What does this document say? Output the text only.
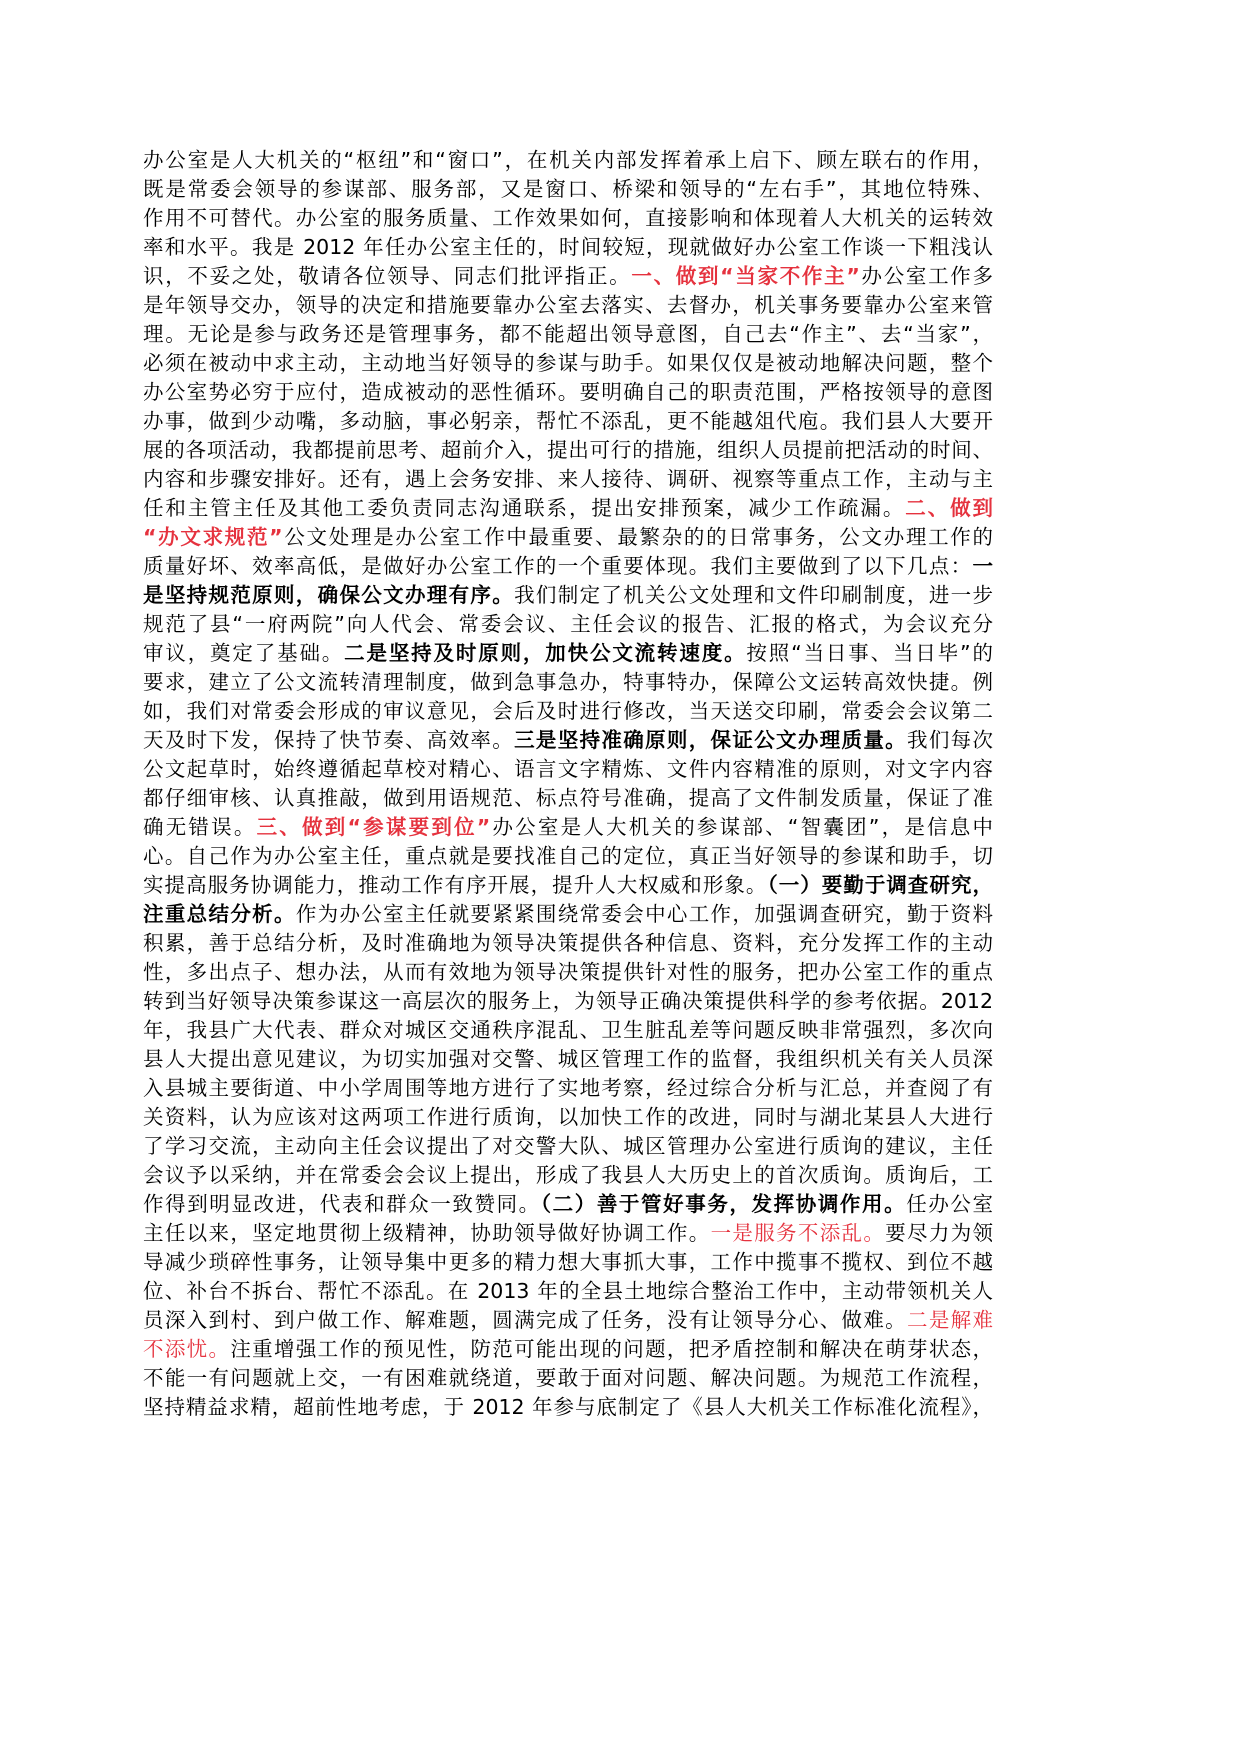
办公室是人大机关的“枢纽”和“窗口”，在机关内部发挥着承上启下、顾左联右的作用，
既是常委会领导的参谋部、服务部，又是窗口、桥梁和领导的“左右手”，其地位特殊、
作用不可替代。办公室的服务质量、工作效果如何，直接影响和体现着人大机关的运转效
率和水平。我是 2012 年任办公室主任的，时间较短，现就做好办公室工作谈一下粗浅认
识，不妥之处，敬请各位领导、同志们批评指正。一、做到“当家不作主”办公室工作多
是年领导交办，领导的决定和措施要靠办公室去落实、去督办，机关事务要靠办公室来管
理。无论是参与政务还是管理事务，都不能超出领导意图，自己去“作主”、去“当家”，
必须在被动中求主动，主动地当好领导的参谋与助手。如果仅仅是被动地解决问题，整个
办公室势必穷于应付，造成被动的恶性循环。要明确自己的职责范围，严格按领导的意图
办事，做到少动嘴，多动脑，事必躬亲，帮忙不添乱，更不能越俎代庖。我们县人大要开
展的各项活动，我都提前思考、超前介入，提出可行的措施，组织人员提前把活动的时间、
内容和步骤安排好。还有，遇上会务安排、来人接待、调研、视察等重点工作，主动与主
任和主管主任及其他工委负责同志沟通联系，提出安排预案，减少工作疏漏。二、做到
“办文求规范”公文处理是办公室工作中最重要、最繁杂的的日常事务，公文办理工作的
质量好坏、效率高低，是做好办公室工作的一个重要体现。我们主要做到了以下几点：一
是坚持规范原则，确保公文办理有序。我们制定了机关公文处理和文件印刷制度，进一步
规范了县“一府两院”向人代会、常委会议、主任会议的报告、汇报的格式，为会议充分
审议，奠定了基础。二是坚持及时原则，加快公文流转速度。按照“当日事、当日毕”的
要求，建立了公文流转清理制度，做到急事急办，特事特办，保障公文运转高效快捷。例
如，我们对常委会形成的审议意见，会后及时进行修改，当天送交印刷，常委会会议第二
天及时下发，保持了快节奏、高效率。三是坚持准确原则，保证公文办理质量。我们每次
公文起草时，始终遵循起草校对精心、语言文字精炼、文件内容精准的原则，对文字内容
都仔细审核、认真推敲，做到用语规范、标点符号准确，提高了文件制发质量，保证了准
确无错误。三、做到“参谋要到位”办公室是人大机关的参谋部、“智囊团”，是信息中
心。自己作为办公室主任，重点就是要找准自己的定位，真正当好领导的参谋和助手，切
实提高服务协调能力，推动工作有序开展，提升人大权威和形象。（一）要勤于调查研究，
注重总结分析。作为办公室主任就要紧紧围绕常委会中心工作，加强调查研究，勤于资料
积累，善于总结分析，及时准确地为领导决策提供各种信息、资料，充分发挥工作的主动
性，多出点子、想办法，从而有效地为领导决策提供针对性的服务，把办公室工作的重点
转到当好领导决策参谋这一高层次的服务上，为领导正确决策提供科学的参考依据。2012
年，我县广大代表、群众对城区交通秩序混乱、卫生脏乱差等问题反映非常强烈，多次向
县人大提出意见建议，为切实加强对交警、城区管理工作的监督，我组织机关有关人员深
入县城主要街道、中小学周围等地方进行了实地考察，经过综合分析与汇总，并查阅了有
关资料，认为应该对这两项工作进行质询，以加快工作的改进，同时与湖北某县人大进行
了学习交流，主动向主任会议提出了对交警大队、城区管理办公室进行质询的建议，主任
会议予以采纳，并在常委会会议上提出，形成了我县人大历史上的首次质询。质询后，工
作得到明显改进，代表和群众一致赞同。（二）善于管好事务，发挥协调作用。任办公室
主任以来，坚定地贯彻上级精神，协助领导做好协调工作。一是服务不添乱。要尽力为领
导减少琐碎性事务，让领导集中更多的精力想大事抓大事，工作中揽事不揽权、到位不越
位、补台不拆台、帮忙不添乱。在 2013 年的全县土地综合整治工作中，主动带领机关人
员深入到村、到户做工作、解难题，圆满完成了任务，没有让领导分心、做难。二是解难
不添忧。注重增强工作的预见性，防范可能出现的问题，把矛盾控制和解决在萌芽状态，
不能一有问题就上交，一有困难就绕道，要敢于面对问题、解决问题。为规范工作流程，
坚持精益求精，超前性地考虑，于 2012 年参与底制定了《县人大机关工作标准化流程》，
